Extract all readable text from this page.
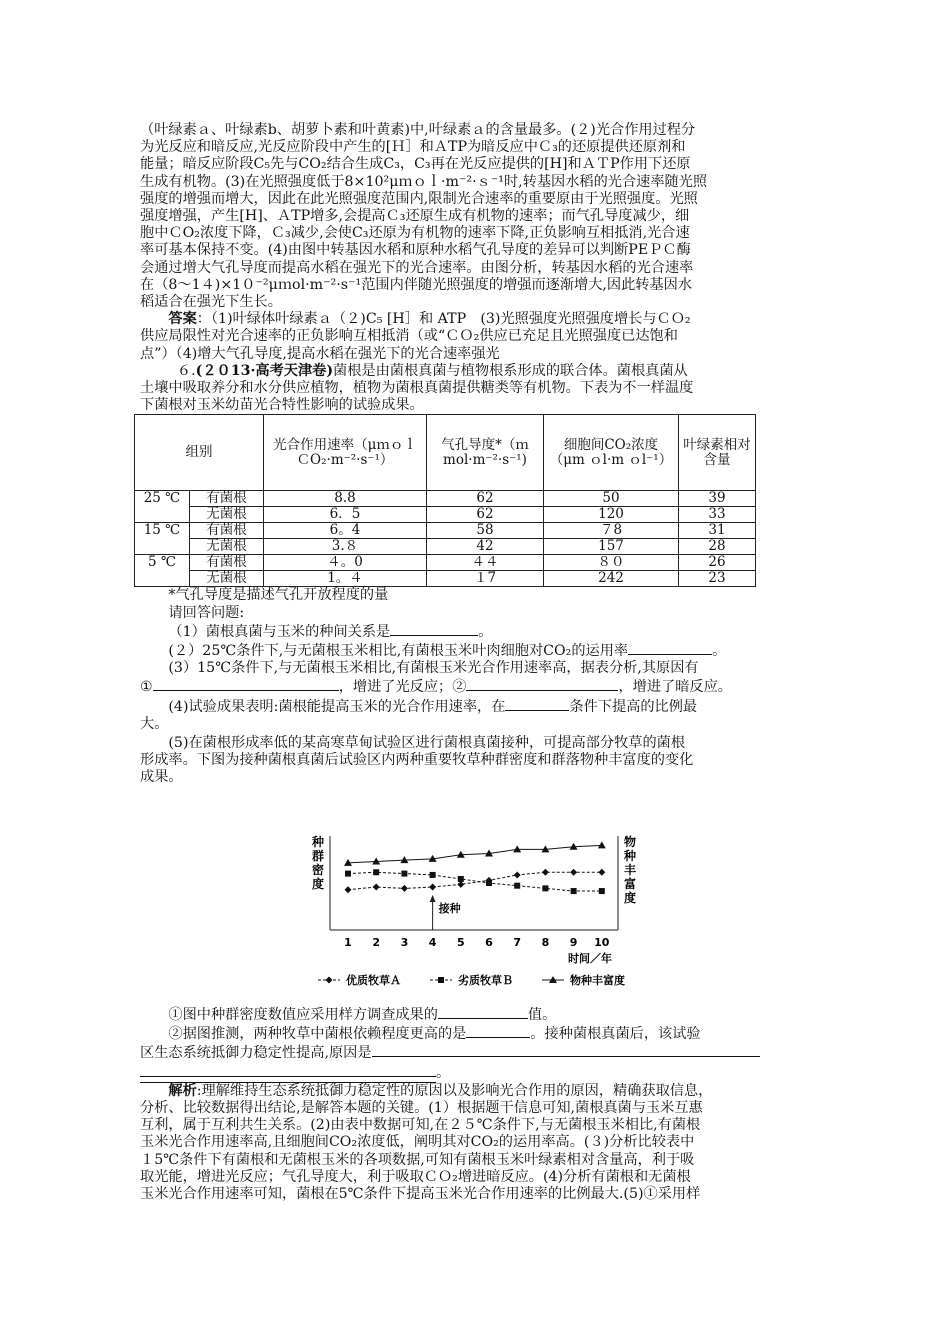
（叶绿素ａ、叶绿素b、胡萝卜素和叶黄素)中,叶绿素ａ的含量最多。(２)光合作用过程分

为光反应和暗反应,光反应阶段中产生的[Ｈ］和ＡTP为暗反应中Ｃ₃的还原提供还原剂和

能量；暗反应阶段C₅先与CO₂结合生成C₃，C₃再在光反应提供的[H]和ＡＴP作用下还原

生成有机物。(3)在光照强度低于8×10²μｍｏｌ·m⁻²·ｓ⁻¹时,转基因水稻的光合速率随光照

强度的增强而增大，因此在此光照强度范围内,限制光合速率的重要原由于光照强度。光照

强度增强，产生[H]、ＡTP增多,会提高Ｃ₃还原生成有机物的速率；而气孔导度减少，细

胞中ＣO₂浓度下降，Ｃ₃减少,会使C₃还原为有机物的速率下降,正负影响互相抵消,光合速

率可基本保持不变。(4)由图中转基因水稻和原种水稻气孔导度的差异可以判断PEＰＣ酶

会通过增大气孔导度而提高水稻在强光下的光合速率。由图分析，转基因水稻的光合速率

在（8～1４)×1０⁻²μｍol·m⁻²·s⁻¹范围内伴随光照强度的增强而逐渐增大,因此转基因水

稻适合在强光下生长。

答案：（1)叶绿体叶绿素ａ（２)C₅ [H］和 ATP　(3)光照强度光照强度增长与ＣＯ₂

供应局限性对光合速率的正负影响互相抵消（或“ＣＯ₂供应已充足且光照强度已达饱和

点”）（4)增大气孔导度,提高水稻在强光下的光合速率强光

６.(２０13·高考天津卷)菌根是由菌根真菌与植物根系形成的联合体。菌根真菌从

土壤中吸取养分和水分供应植物，植物为菌根真菌提供糖类等有机物。下表为不一样温度

下菌根对玉米幼苗光合特性影响的试验成果。

组别		光合作用速率（μｍｏｌＣO₂·m⁻²·s⁻¹）	气孔导度*（ｍ mol·m⁻²·s⁻¹)	细胞间CO₂浓度（μm ｏl·m ｏl⁻¹）	叶绿素相对含量
25 ℃	有菌根	8.8	62	50	39
	无菌根	6．5	62	120	33
15 ℃	有菌根	6。4	58	７8	31
	无菌根	3.８	42	157	28
5 ℃	有菌根	４。0	４４	８０	26
	无菌根	1。４	１7	242	23

*气孔导度是描述气孔开放程度的量

请回答问题:

（1）菌根真菌与玉米的种间关系是	。

(２）25℃条件下,与无菌根玉米相比,有菌根玉米叶肉细胞对CO₂的运用率	。

(3）15℃条件下,与无菌根玉米相比,有菌根玉米光合作用速率高，据表分析,其原因有

①	，增进了光反应；②	，增进了暗反应。

(4)试验成果表明:菌根能提高玉米的光合作用速率，在	条件下提高的比例最

大。

(5)在菌根形成率低的某高寒草甸试验区进行菌根真菌接种，可提高部分牧草的菌根

形成率。下图为接种菌根真菌后试验区内两种重要牧草种群密度和群落物种丰富度的变化

成果。

种
群
密
度
物
种
丰
富
度
1 2 3 4 5 6 7 8 9 10
时间／年
接种
优质牧草Ａ	劣质牧草Ｂ	物种丰富度

①图中种群密度数值应采用样方调查成果的	值。

②据图推测，两种牧草中菌根依赖程度更高的是	。接种菌根真菌后，该试验

区生态系统抵御力稳定性提高,原因是

。

解析:理解维持生态系统抵御力稳定性的原因以及影响光合作用的原因，精确获取信息，

分析、比较数据得出结论,是解答本题的关键。(1）根据题干信息可知,菌根真菌与玉米互惠

互利，属于互利共生关系。(2)由表中数据可知,在２５℃条件下,与无菌根玉米相比,有菌根

玉米光合作用速率高,且细胞间CO₂浓度低，阐明其对CO₂的运用率高。(３)分析比较表中

１5℃条件下有菌根和无菌根玉米的各项数据,可知有菌根玉米叶绿素相对含量高，利于吸

取光能，增进光反应；气孔导度大，利于吸取ＣＯ₂增进暗反应。(4)分析有菌根和无菌根

玉米光合作用速率可知，菌根在5℃条件下提高玉米光合作用速率的比例最大.(5)①采用样
